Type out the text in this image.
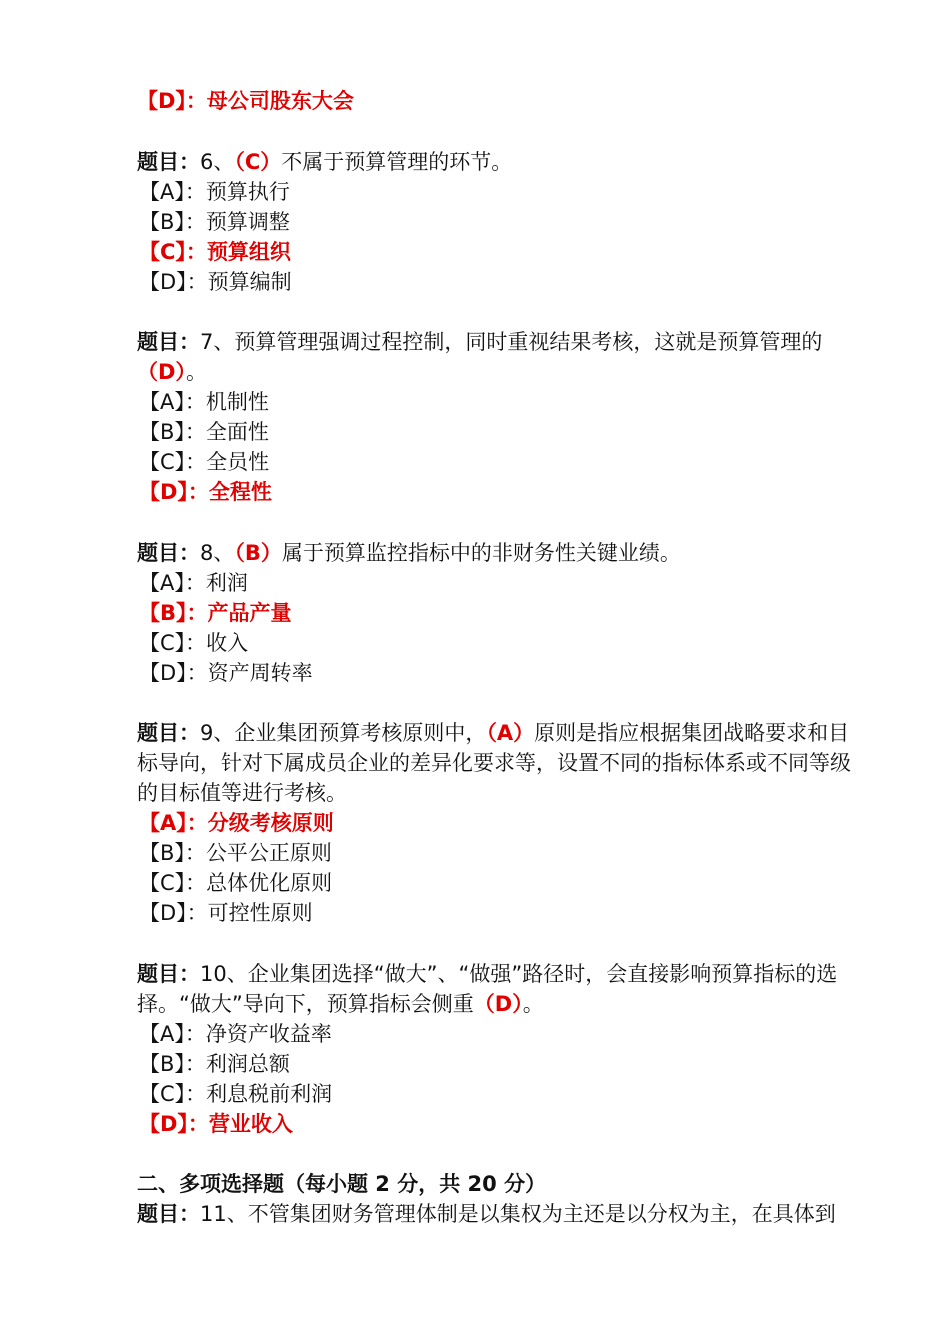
【D】：母公司股东大会
题目：6、（C）不属于预算管理的环节。
【A】：预算执行
【B】：预算调整
【C】：预算组织
【D】：预算编制
题目：7、预算管理强调过程控制，同时重视结果考核，这就是预算管理的
（D）。
【A】：机制性
【B】：全面性
【C】：全员性
【D】：全程性
题目：8、（B）属于预算监控指标中的非财务性关键业绩。
【A】：利润
【B】：产品产量
【C】：收入
【D】：资产周转率
题目：9、企业集团预算考核原则中，（A）原则是指应根据集团战略要求和目标导向，针对下属成员企业的差异化要求等，设置不同的指标体系或不同等级的目标值等进行考核。
【A】：分级考核原则
【B】：公平公正原则
【C】：总体优化原则
【D】：可控性原则
题目：10、企业集团选择“做大”、“做强”路径时，会直接影响预算指标的选择。“做大”导向下，预算指标会侧重（D）。
【A】：净资产收益率
【B】：利润总额
【C】：利息税前利润
【D】：营业收入
二、多项选择题（每小题 2 分，共 20 分）
题目：11、不管集团财务管理体制是以集权为主还是以分权为主，在具体到
